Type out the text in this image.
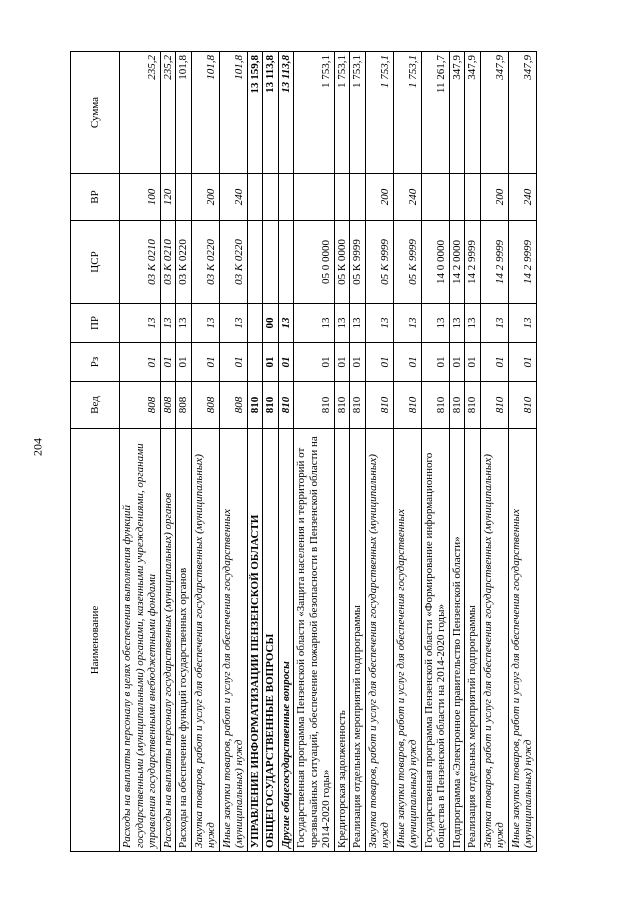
204
Наименование	Вед	Рз	ПР	ЦСР	ВР	Сумма
Расходы на выплаты персоналу в целях обеспечения выполнения функций государственными (муниципальными) органами, казенными учреждениями, органами управления государственными внебюджетными фондами	808	01	13	03 К 0210	100	235,2
Расходы на выплаты персоналу государственных (муниципальных) органов	808	01	13	03 К 0210	120	235,2
Расходы на обеспечение функций государственных органов	808	01	13	03 К 0220		101,8
Закупка товаров, работ и услуг для обеспечения государственных (муниципальных) нужд	808	01	13	03 К 0220	200	101,8
Иные закупки товаров, работ и услуг для обеспечения государственных (муниципальных) нужд	808	01	13	03 К 0220	240	101,8
УПРАВЛЕНИЕ ИНФОРМАТИЗАЦИИ ПЕНЗЕНСКОЙ ОБЛАСТИ	810					13 159,8
ОБЩЕГОСУДАРСТВЕННЫЕ ВОПРОСЫ	810	01	00			13 113,8
Другие общегосударственные вопросы	810	01	13			13 113,8
Государственная программа Пензенской области «Защита населения и территорий от чрезвычайных ситуаций, обеспечение пожарной безопасности в Пензенской области на 2014-2020 годы»	810	01	13	05 0 0000		1 753,1
Кредиторская задолженность	810	01	13	05 К 0000		1 753,1
Реализация отдельных мероприятий подпрограммы	810	01	13	05 К 9999		1 753,1
Закупка товаров, работ и услуг для обеспечения государственных (муниципальных) нужд	810	01	13	05 К 9999	200	1 753,1
Иные закупки товаров, работ и услуг для обеспечения государственных (муниципальных) нужд	810	01	13	05 К 9999	240	1 753,1
Государственная программа Пензенской области «Формирование информационного общества в Пензенской области на 2014-2020 годы»	810	01	13	14 0 0000		11 261,7
Подпрограмма «Электронное правительство Пензенской области»	810	01	13	14 2 0000		347,9
Реализация отдельных мероприятий подпрограммы	810	01	13	14 2 9999		347,9
Закупка товаров, работ и услуг для обеспечения государственных (муниципальных) нужд	810	01	13	14 2 9999	200	347,9
Иные закупки товаров, работ и услуг для обеспечения государственных (муниципальных) нужд	810	01	13	14 2 9999	240	347,9
